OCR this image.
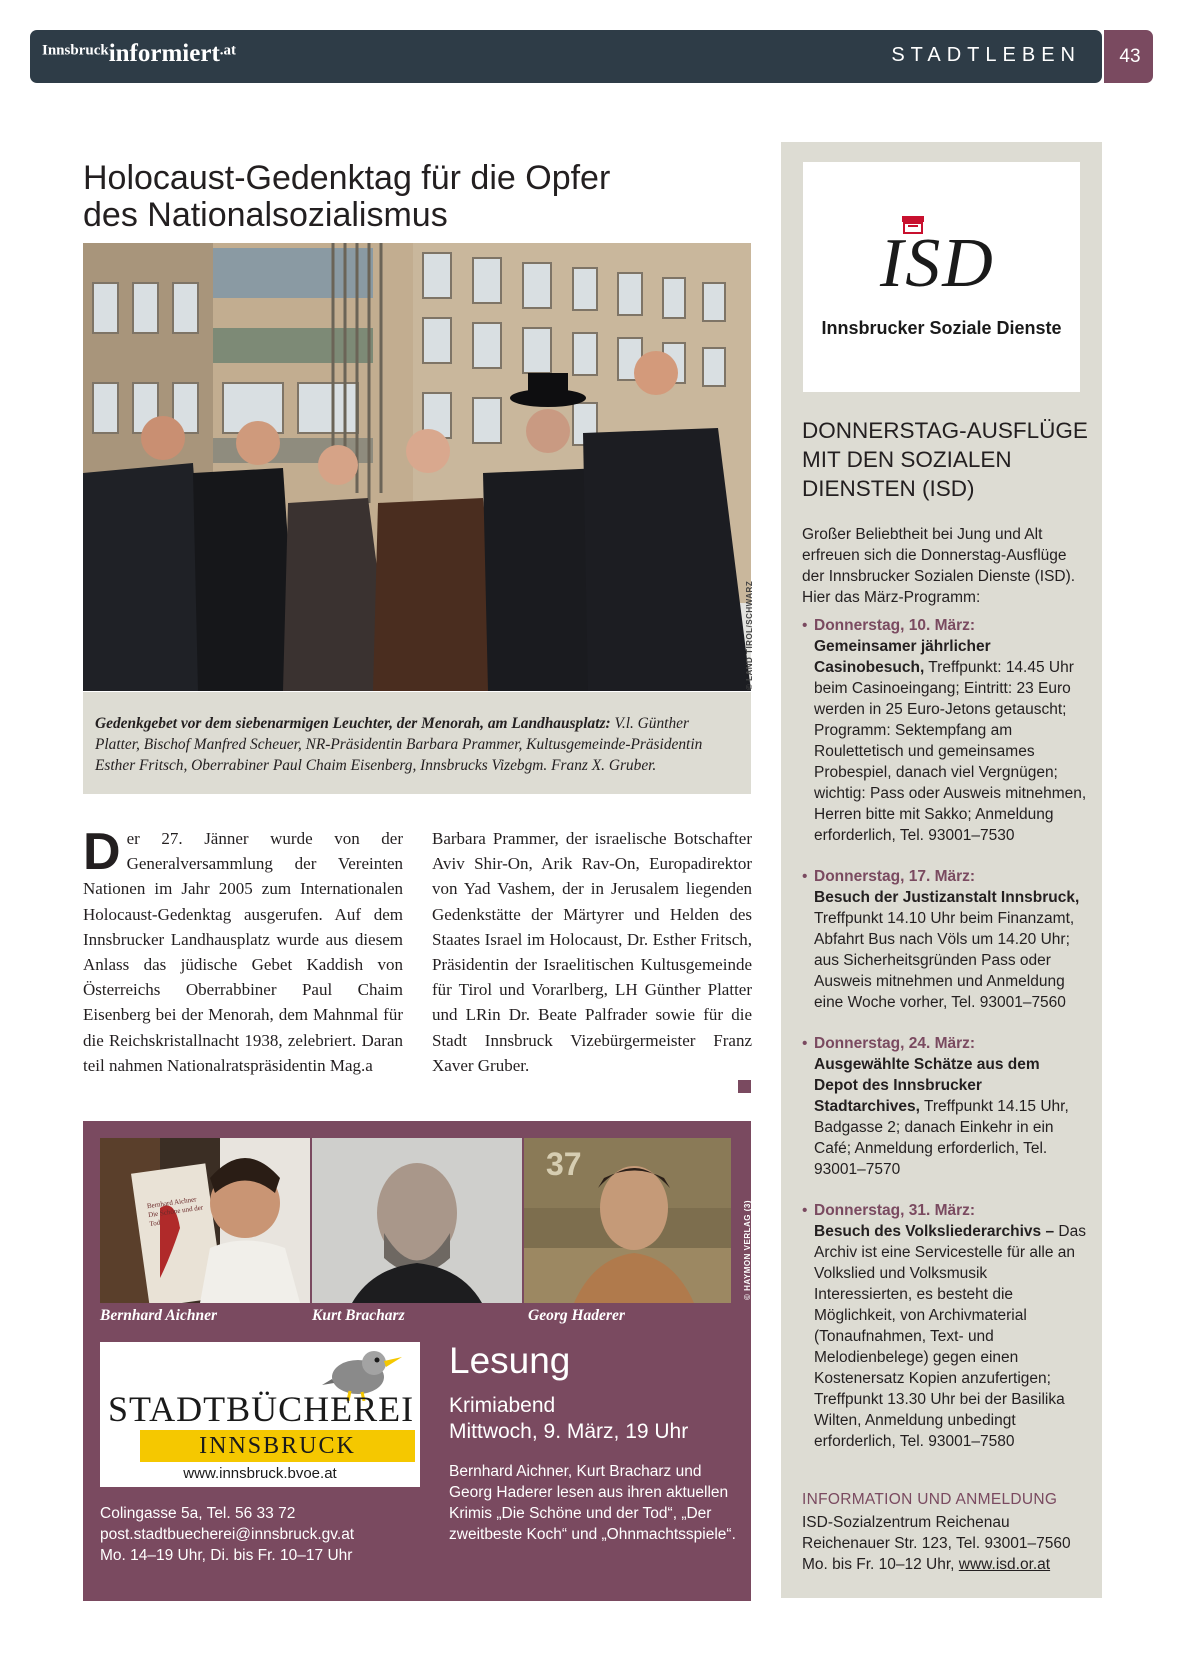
Innsbruckinformiert.at	STADTLEBEN	43
Holocaust-Gedenktag für die Opfer
des Nationalsozialismus
© LAND TIROL/SCHWARZ
Gedenkgebet vor dem siebenarmigen Leuchter, der Menorah, am Landhausplatz: V.l. Günther Platter, Bischof Manfred Scheuer, NR-Präsidentin Barbara Prammer, Kultusgemeinde-Präsidentin Esther Fritsch, Oberrabiner Paul Chaim Eisenberg, Innsbrucks Vizebgm. Franz X. Gruber.
Der 27. Jänner wurde von der Generalversammlung der Vereinten Nationen im Jahr 2005 zum Internationalen Holocaust-Gedenktag ausgerufen. Auf dem Innsbrucker Landhausplatz wurde aus diesem Anlass das jüdische Gebet Kaddish von Österreichs Oberrabbiner Paul Chaim Eisenberg bei der Menorah, dem Mahnmal für die Reichskristallnacht 1938, zelebriert. Daran teil nahmen Nationalratspräsidentin Mag.a
Barbara Prammer, der israelische Botschafter Aviv Shir-On, Arik Rav-On, Europadirektor von Yad Vashem, der in Jerusalem liegenden Gedenkstätte der Märtyrer und Helden des Staates Israel im Holocaust, Dr. Esther Fritsch, Präsidentin der Israelitischen Kultusgemeinde für Tirol und Vorarlberg, LH Günther Platter und LRin Dr. Beate Palfrader sowie für die Stadt Innsbruck Vizebürgermeister Franz Xaver Gruber.
Bernhard Aichner Die Schöne und der Tod
37
© HAYMON VERLAG (3)
Bernhard Aichner	Kurt Bracharz	Georg Haderer
STADTBÜCHEREI
INNSBRUCK
www.innsbruck.bvoe.at
Lesung
Krimiabend
Mittwoch, 9. März, 19 Uhr
Bernhard Aichner, Kurt Bracharz und Georg Haderer lesen aus ihren aktuellen Krimis „Die Schöne und der Tod“, „Der zweitbeste Koch“ und „Ohnmachtsspiele“.
Colingasse 5a, Tel. 56 33 72
post.stadtbuecherei@innsbruck.gv.at
Mo. 14–19 Uhr, Di. bis Fr. 10–17 Uhr
ISD
Innsbrucker Soziale Dienste
DONNERSTAG-AUSFLÜGE MIT DEN SOZIALEN DIENSTEN (ISD)
Großer Beliebtheit bei Jung und Alt erfreuen sich die Donnerstag-Ausflüge der Innsbrucker Sozialen Dienste (ISD). Hier das März-Programm:
• Donnerstag, 10. März:
Gemeinsamer jährlicher Casinobesuch, Treffpunkt: 14.45 Uhr beim Casinoeingang; Eintritt: 23 Euro werden in 25 Euro-Jetons getauscht; Programm: Sektempfang am Roulettetisch und gemeinsames Probespiel, danach viel Vergnügen; wichtig: Pass oder Ausweis mitnehmen, Herren bitte mit Sakko; Anmeldung erforderlich, Tel. 93001–7530
• Donnerstag, 17. März:
Besuch der Justizanstalt Innsbruck, Treffpunkt 14.10 Uhr beim Finanzamt, Abfahrt Bus nach Völs um 14.20 Uhr; aus Sicherheitsgründen Pass oder Ausweis mitnehmen und Anmeldung eine Woche vorher, Tel. 93001–7560
• Donnerstag, 24. März:
Ausgewählte Schätze aus dem Depot des Innsbrucker Stadtarchives, Treffpunkt 14.15 Uhr, Badgasse 2; danach Einkehr in ein Café; Anmeldung erforderlich, Tel. 93001–7570
• Donnerstag, 31. März:
Besuch des Volksliederarchivs – Das Archiv ist eine Servicestelle für alle an Volkslied und Volksmusik Interessierten, es besteht die Möglichkeit, von Archivmaterial (Tonaufnahmen, Text- und Melodienbelege) gegen einen Kostenersatz Kopien anzufertigen; Treffpunkt 13.30 Uhr bei der Basilika Wilten, Anmeldung unbedingt erforderlich, Tel. 93001–7580
INFORMATION UND ANMELDUNG
ISD-Sozialzentrum Reichenau
Reichenauer Str. 123, Tel. 93001–7560
Mo. bis Fr. 10–12 Uhr, www.isd.or.at
